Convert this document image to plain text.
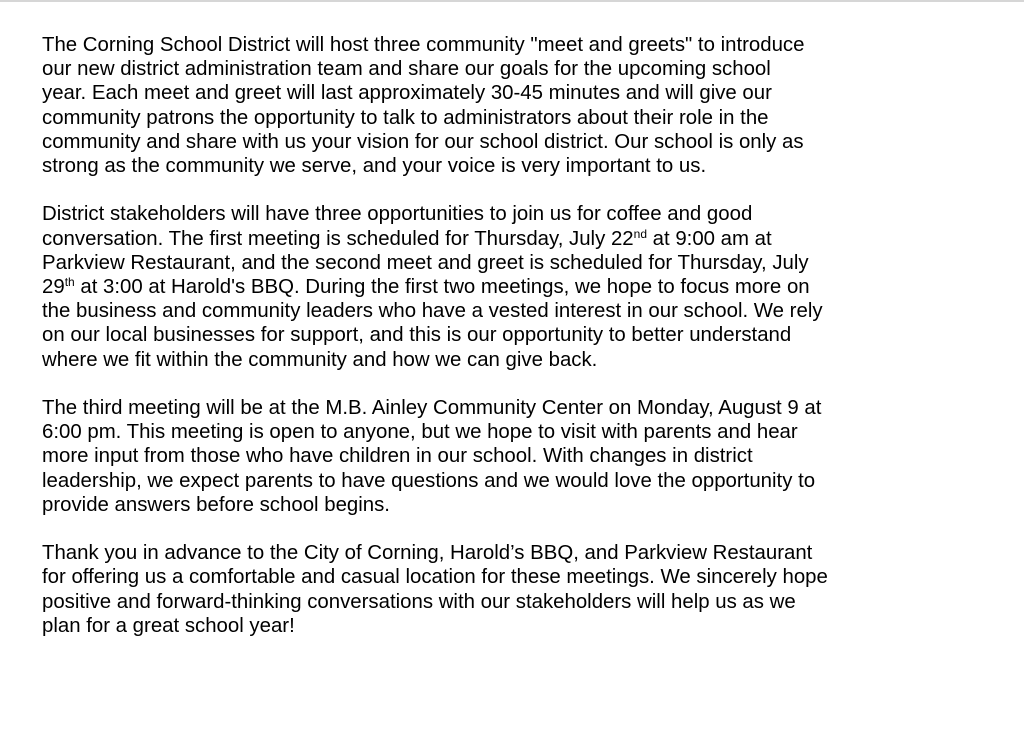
The Corning School District will host three community "meet and greets" to introduce
our new district administration team and share our goals for the upcoming school
year. Each meet and greet will last approximately 30-45 minutes and will give our
community patrons the opportunity to talk to administrators about their role in the
community and share with us your vision for our school district. Our school is only as
strong as the community we serve, and your voice is very important to us.

District stakeholders will have three opportunities to join us for coffee and good
conversation. The first meeting is scheduled for Thursday, July 22nd at 9:00 am at
Parkview Restaurant, and the second meet and greet is scheduled for Thursday, July
29th at 3:00 at Harold's BBQ. During the first two meetings, we hope to focus more on
the business and community leaders who have a vested interest in our school. We rely
on our local businesses for support, and this is our opportunity to better understand
where we fit within the community and how we can give back.

The third meeting will be at the M.B. Ainley Community Center on Monday, August 9 at
6:00 pm. This meeting is open to anyone, but we hope to visit with parents and hear
more input from those who have children in our school. With changes in district
leadership, we expect parents to have questions and we would love the opportunity to
provide answers before school begins.

Thank you in advance to the City of Corning, Harold’s BBQ, and Parkview Restaurant
for offering us a comfortable and casual location for these meetings. We sincerely hope
positive and forward-thinking conversations with our stakeholders will help us as we
plan for a great school year!
